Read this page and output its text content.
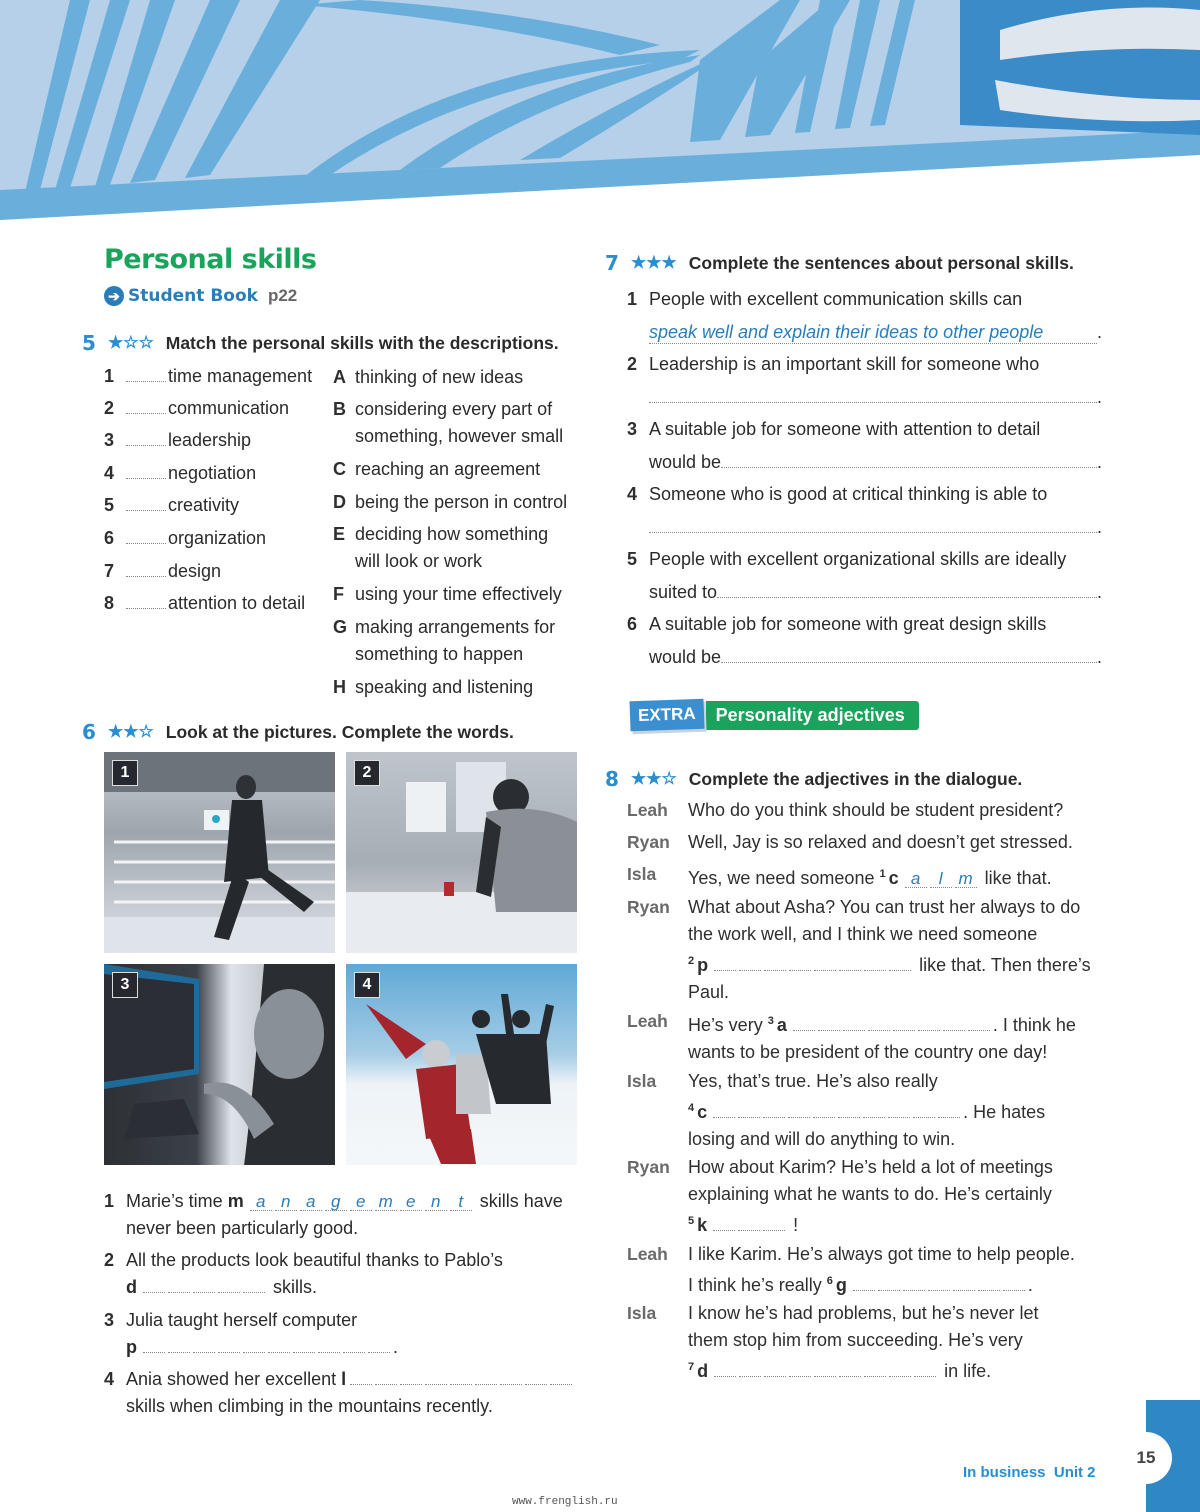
Personal skills
➔ Student Book p22
5 ★ ☆ ☆ Match the personal skills with the descriptions.
1	time management
2	communication
3	leadership
4	negotiation
5	creativity
6	organization
7	design
8	attention to detail
A thinking of new ideas
B considering every part of
something, however small
C reaching an agreement
D being the person in control
E deciding how something
will look or work
F using your time effectively
G making arrangements for
something to happen
H speaking and listening
6 ★ ★ ☆ Look at the pictures. Complete the words.
1	2
3	4
1 Marie’s time m a n a g e m e n t skills have
never been particularly good.
2 All the products look beautiful thanks to Pablo’s
d	skills.
3 Julia taught herself computer
p	.
4 Ania showed her excellent l
skills when climbing in the mountains recently.
7 ★ ★ ★ Complete the sentences about personal skills.
1 People with excellent communication skills can
speak well and explain their ideas to other people	.
2 Leadership is an important skill for someone who
.
3 A suitable job for someone with attention to detail
would be	.
4 Someone who is good at critical thinking is able to
.
5 People with excellent organizational skills are ideally
suited to	.
6 A suitable job for someone with great design skills
would be	.
EXTRA	Personality adjectives
8 ★ ★ ☆ Complete the adjectives in the dialogue.
Leah Who do you think should be student president?
Ryan Well, Jay is so relaxed and doesn’t get stressed.
Isla Yes, we need someone $^1$ c a l m like that.
Ryan What about Asha? You can trust her always to do
the work well, and I think we need someone
$^2$ p	like that. Then there’s
Paul.
Leah He’s very $^3$ a	. I think he
wants to be president of the country one day!
Isla Yes, that’s true. He’s also really
$^4$ c	. He hates
losing and will do anything to win.
Ryan How about Karim? He’s held a lot of meetings
explaining what he wants to do. He’s certainly
$^5$ k	!
Leah I like Karim. He’s always got time to help people.
I think he’s really $^6$ g	.
Isla I know he’s had problems, but he’s never let
them stop him from succeeding. He’s very
$^7$ d	in life.
In business  Unit 2
15
www.frenglish.ru
